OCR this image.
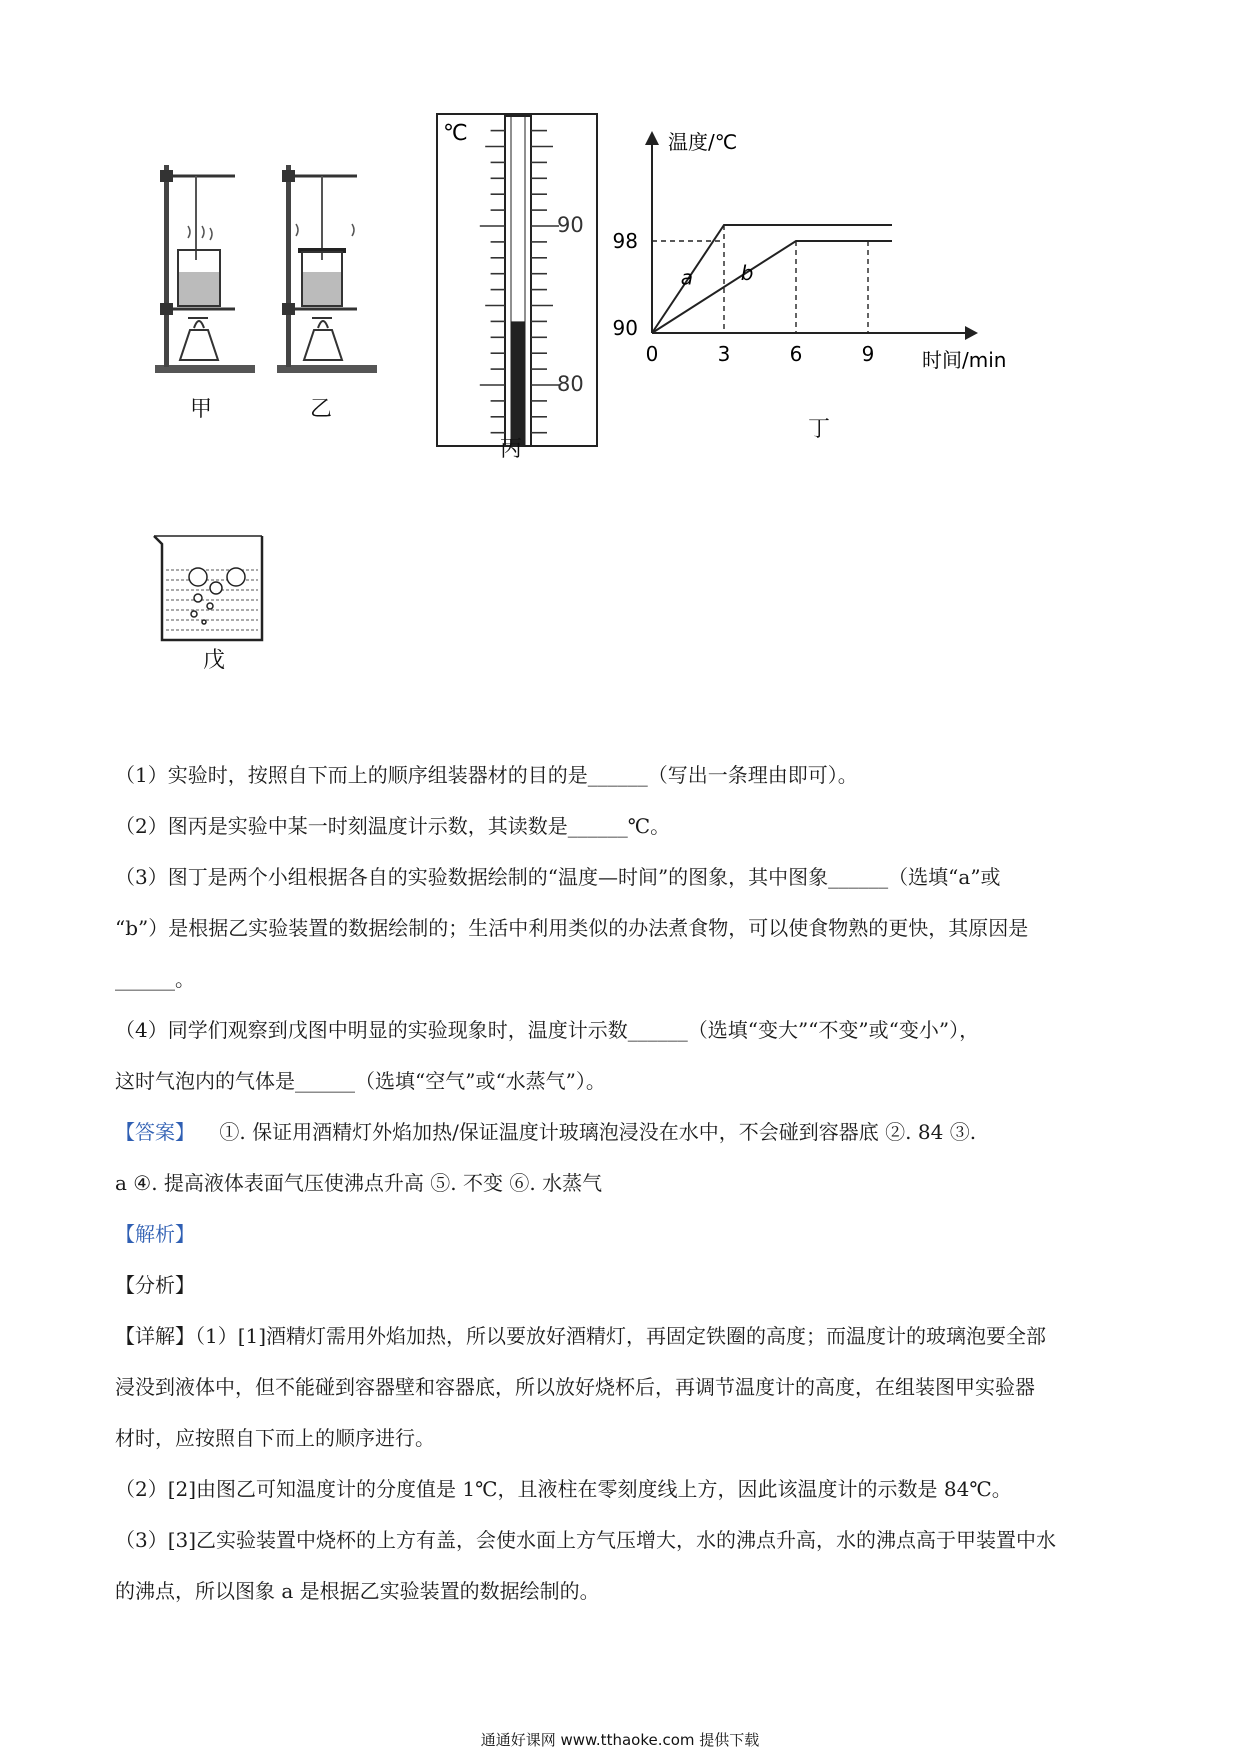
甲	乙
℃
90
80
丙
温度/℃
时间/min
0	3	6	9
90
98
a b
丁
戊
（1）实验时，按照自下而上的顺序组装器材的目的是______（写出一条理由即可）。
（2）图丙是实验中某一时刻温度计示数，其读数是______℃。
（3）图丁是两个小组根据各自的实验数据绘制的“温度—时间”的图象，其中图象______（选填“a”或
“b”）是根据乙实验装置的数据绘制的；生活中利用类似的办法煮食物，可以使食物熟的更快，其原因是
______。
（4）同学们观察到戊图中明显的实验现象时，温度计示数______（选填“变大”“不变”或“变小”），
这时气泡内的气体是______（选填“空气”或“水蒸气”）。
【答案】 ①. 保证用酒精灯外焰加热/保证温度计玻璃泡浸没在水中，不会碰到容器底 ②. 84 ③.
a ④. 提高液体表面气压使沸点升高 ⑤. 不变 ⑥. 水蒸气
【解析】
【分析】
【详解】（1）[1]酒精灯需用外焰加热，所以要放好酒精灯，再固定铁圈的高度；而温度计的玻璃泡要全部
浸没到液体中，但不能碰到容器壁和容器底，所以放好烧杯后，再调节温度计的高度，在组装图甲实验器
材时，应按照自下而上的顺序进行。
（2）[2]由图乙可知温度计的分度值是 1℃，且液柱在零刻度线上方，因此该温度计的示数是 84℃。
（3）[3]乙实验装置中烧杯的上方有盖，会使水面上方气压增大，水的沸点升高，水的沸点高于甲装置中水
的沸点，所以图象 a 是根据乙实验装置的数据绘制的。
通通好课网 www.tthaoke.com 提供下载
